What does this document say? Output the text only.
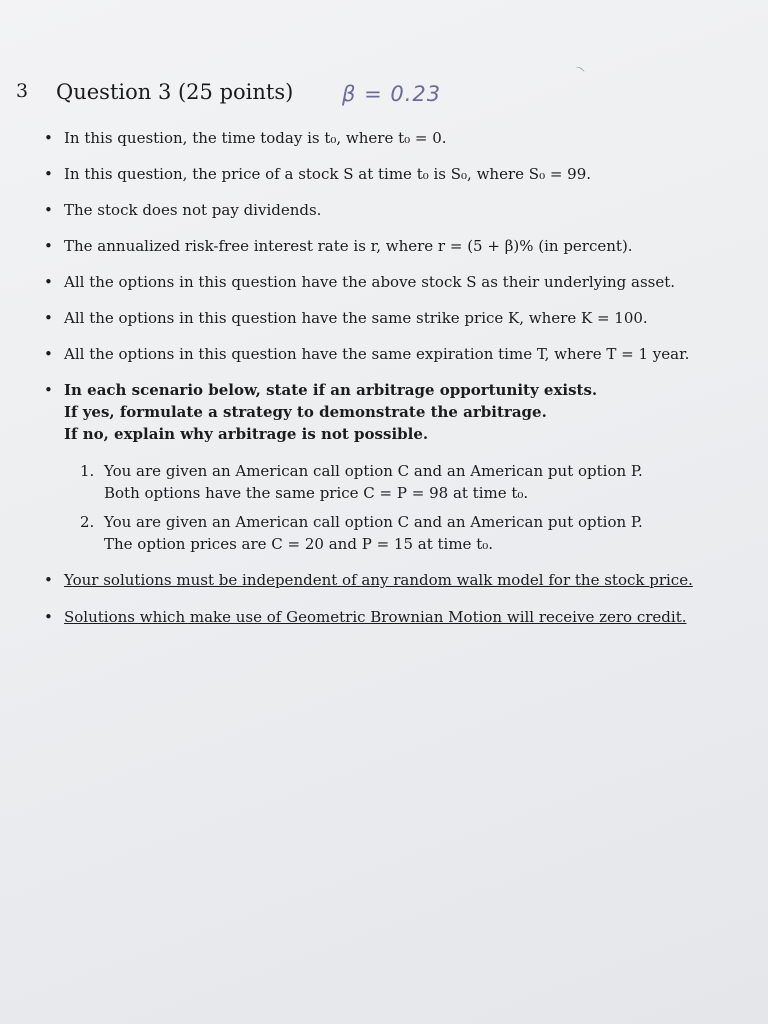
⌒
3 Question 3 (25 points) β = 0.23
• In this question, the time today is t₀, where t₀ = 0.
• In this question, the price of a stock S at time t₀ is S₀, where S₀ = 99.
• The stock does not pay dividends.
• The annualized risk-free interest rate is r, where r = (5 + β)% (in percent).
• All the options in this question have the above stock S as their underlying asset.
• All the options in this question have the same strike price K, where K = 100.
• All the options in this question have the same expiration time T, where T = 1 year.
• In each scenario below, state if an arbitrage opportunity exists.
If yes, formulate a strategy to demonstrate the arbitrage.
If no, explain why arbitrage is not possible.
1. You are given an American call option C and an American put option P.
Both options have the same price C = P = 98 at time t₀.
2. You are given an American call option C and an American put option P.
The option prices are C = 20 and P = 15 at time t₀.
• Your solutions must be independent of any random walk model for the stock price.
• Solutions which make use of Geometric Brownian Motion will receive zero credit.
